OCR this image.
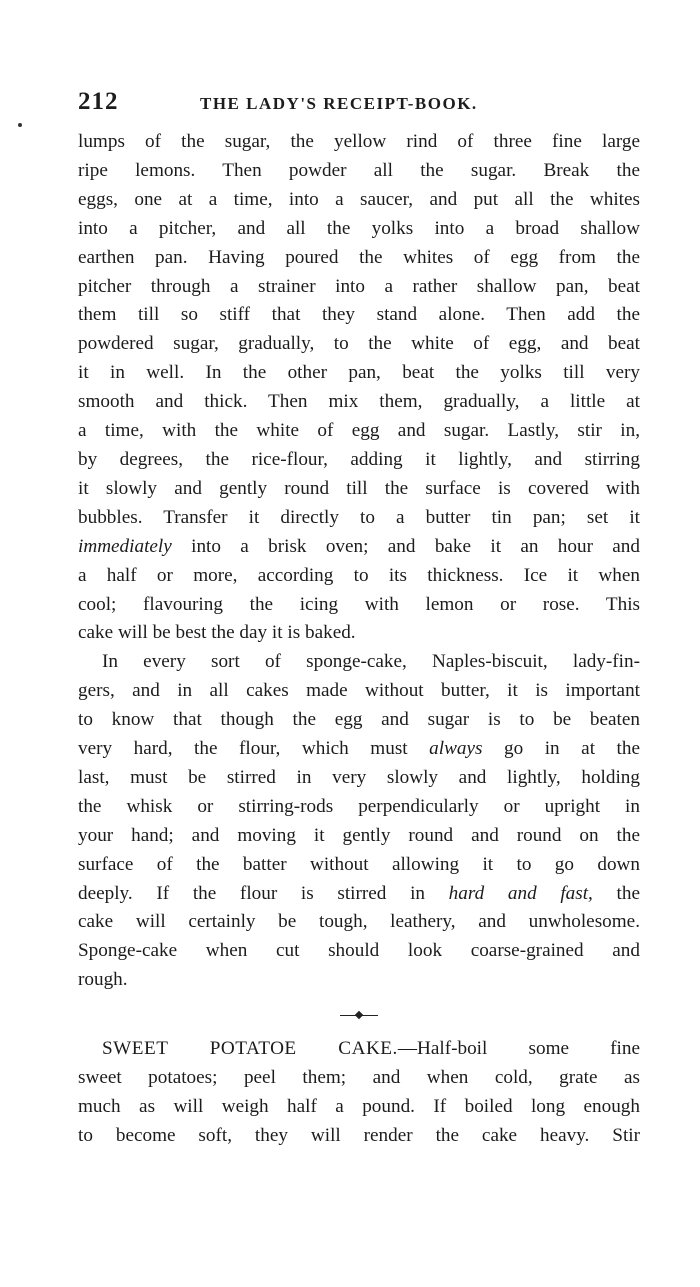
212	THE LADY'S RECEIPT-BOOK.

lumps of the sugar, the yellow rind of three fine large
ripe lemons. Then powder all the sugar. Break the
eggs, one at a time, into a saucer, and put all the whites
into a pitcher, and all the yolks into a broad shallow
earthen pan. Having poured the whites of egg from the
pitcher through a strainer into a rather shallow pan, beat
them till so stiff that they stand alone. Then add the
powdered sugar, gradually, to the white of egg, and beat
it in well. In the other pan, beat the yolks till very
smooth and thick. Then mix them, gradually, a little at
a time, with the white of egg and sugar. Lastly, stir in,
by degrees, the rice-flour, adding it lightly, and stirring
it slowly and gently round till the surface is covered with
bubbles. Transfer it directly to a butter tin pan; set it
immediately into a brisk oven; and bake it an hour and
a half or more, according to its thickness. Ice it when
cool; flavouring the icing with lemon or rose. This
cake will be best the day it is baked.

In every sort of sponge-cake, Naples-biscuit, lady-fin-
gers, and in all cakes made without butter, it is important
to know that though the egg and sugar is to be beaten
very hard, the flour, which must always go in at the
last, must be stirred in very slowly and lightly, holding
the whisk or stirring-rods perpendicularly or upright in
your hand; and moving it gently round and round on the
surface of the batter without allowing it to go down
deeply. If the flour is stirred in hard and fast, the
cake will certainly be tough, leathery, and unwholesome.
Sponge-cake when cut should look coarse-grained and
rough.

SWEET POTATOE CAKE.—Half-boil some fine
sweet potatoes; peel them; and when cold, grate as
much as will weigh half a pound. If boiled long enough
to become soft, they will render the cake heavy. Stir
